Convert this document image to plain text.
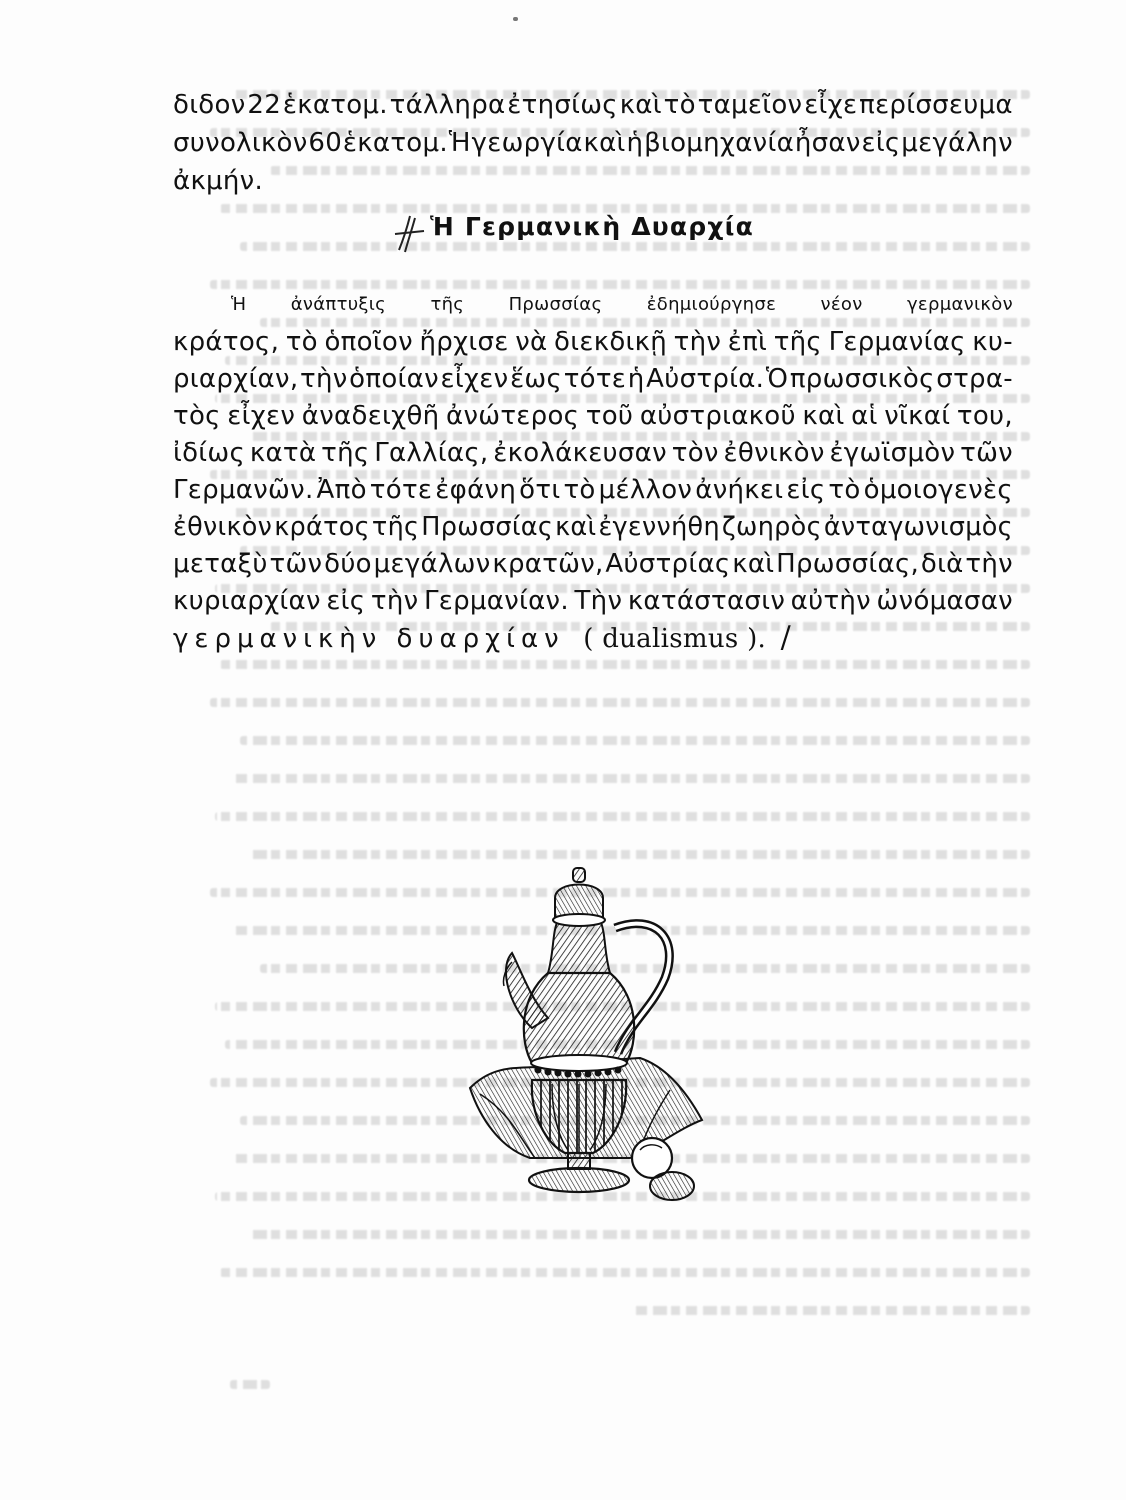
διδον 22 ἑκατομ. τάλληρα ἐτησίως καὶ τὸ ταμεῖον εἶχε περίσσευμα
συνολικὸν 60 ἑκατομ. Ἡ γεωργία καὶ ἡ βιομηχανία ἦσαν εἰς μεγάλην
ἀκμήν.
Ἡ Γερμανικὴ Δυαρχία
Ἡ ἀνάπτυξις τῆς Πρωσσίας ἐδημιούργησε νέον γερμανικὸν
κράτος, τὸ ὁποῖον ἤρχισε νὰ διεκδικῇ τὴν ἐπὶ τῆς Γερμανίας κυ-
ριαρχίαν, τὴν ὁποίαν εἶχεν ἕως τότε ἡ Αὐστρία. Ὁ πρωσσικὸς στρα-
τὸς εἶχεν ἀναδειχθῆ ἀνώτερος τοῦ αὐστριακοῦ καὶ αἱ νῖκαί του,
ἰδίως κατὰ τῆς Γαλλίας, ἐκολάκευσαν τὸν ἐθνικὸν ἐγωϊσμὸν τῶν
Γερμανῶν. Ἀπὸ τότε ἐφάνη ὅτι τὸ μέλλον ἀνήκει εἰς τὸ ὁμοιογενὲς
ἐθνικὸν κράτος τῆς Πρωσσίας καὶ ἐγεννήθη ζωηρὸς ἀνταγωνισμὸς
μεταξὺ τῶν δύο μεγάλων κρατῶν, Αὐστρίας καὶ Πρωσσίας, διὰ τὴν
κυριαρχίαν εἰς τὴν Γερμανίαν. Τὴν κατάστασιν αὐτὴν ὠνόμασαν
γερμανικὴν δυαρχίαν ( dualismus ). /
